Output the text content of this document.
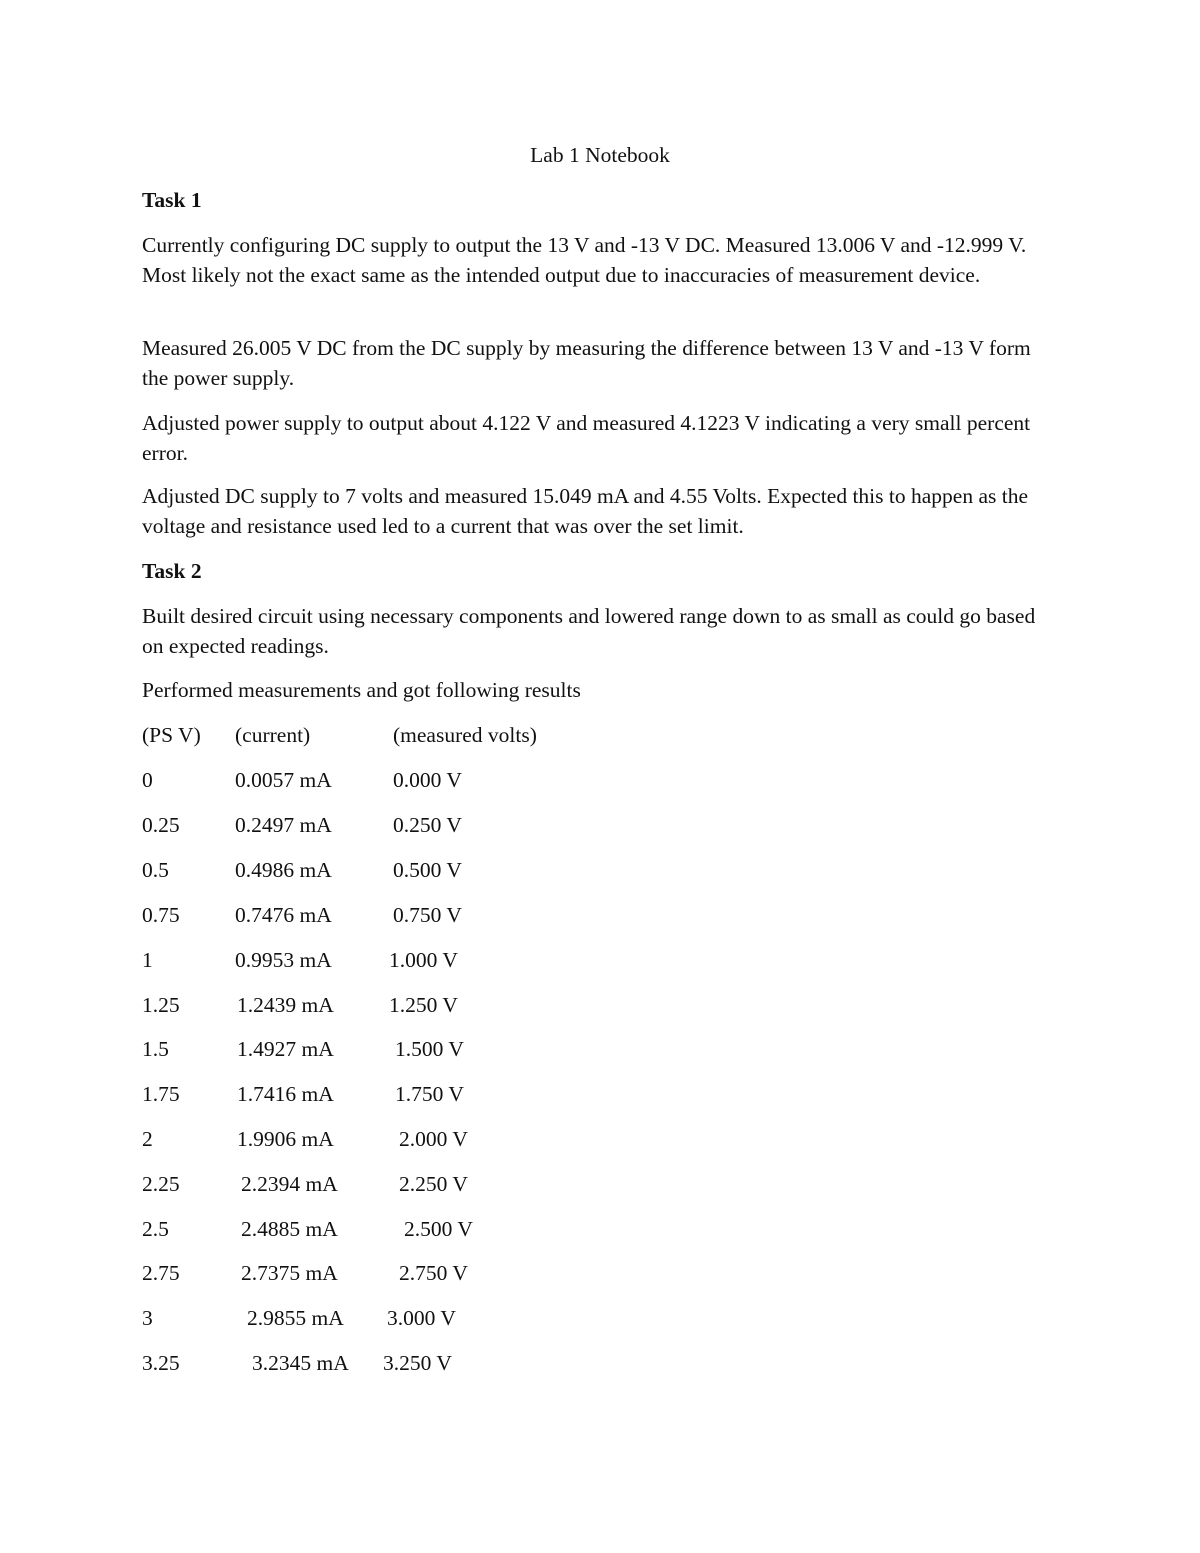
Lab 1 Notebook
Task 1

Currently configuring DC supply to output the 13 V and -13 V DC. Measured 13.006 V and -12.999 V. Most likely not the exact same as the intended output due to inaccuracies of measurement device.

Measured 26.005 V DC from the DC supply by measuring the difference between 13 V and -13 V form the power supply.

Adjusted power supply to output about 4.122 V and measured 4.1223 V indicating a very small percent error.

Adjusted DC supply to 7 volts and measured 15.049 mA and 4.55 Volts. Expected this to happen as the voltage and resistance used led to a current that was over the set limit.

Task 2

Built desired circuit using necessary components and lowered range down to as small as could go based on expected readings.

Performed measurements and got following results
(PS V) (current)	(measured volts)
0	0.0057 mA	0.000 V
0.25	0.2497 mA	0.250 V
0.5	0.4986 mA	0.500 V
0.75	0.7476 mA	0.750 V
1	0.9953 mA	1.000 V
1.25	1.2439 mA	1.250 V
1.5	1.4927 mA	1.500 V
1.75	1.7416 mA	1.750 V
2	1.9906 mA	2.000 V
2.25	2.2394 mA	2.250 V
2.5	2.4885 mA	2.500 V
2.75	2.7375 mA	2.750 V
3	2.9855 mA 3.000 V
3.25	3.2345 mA 3.250 V
